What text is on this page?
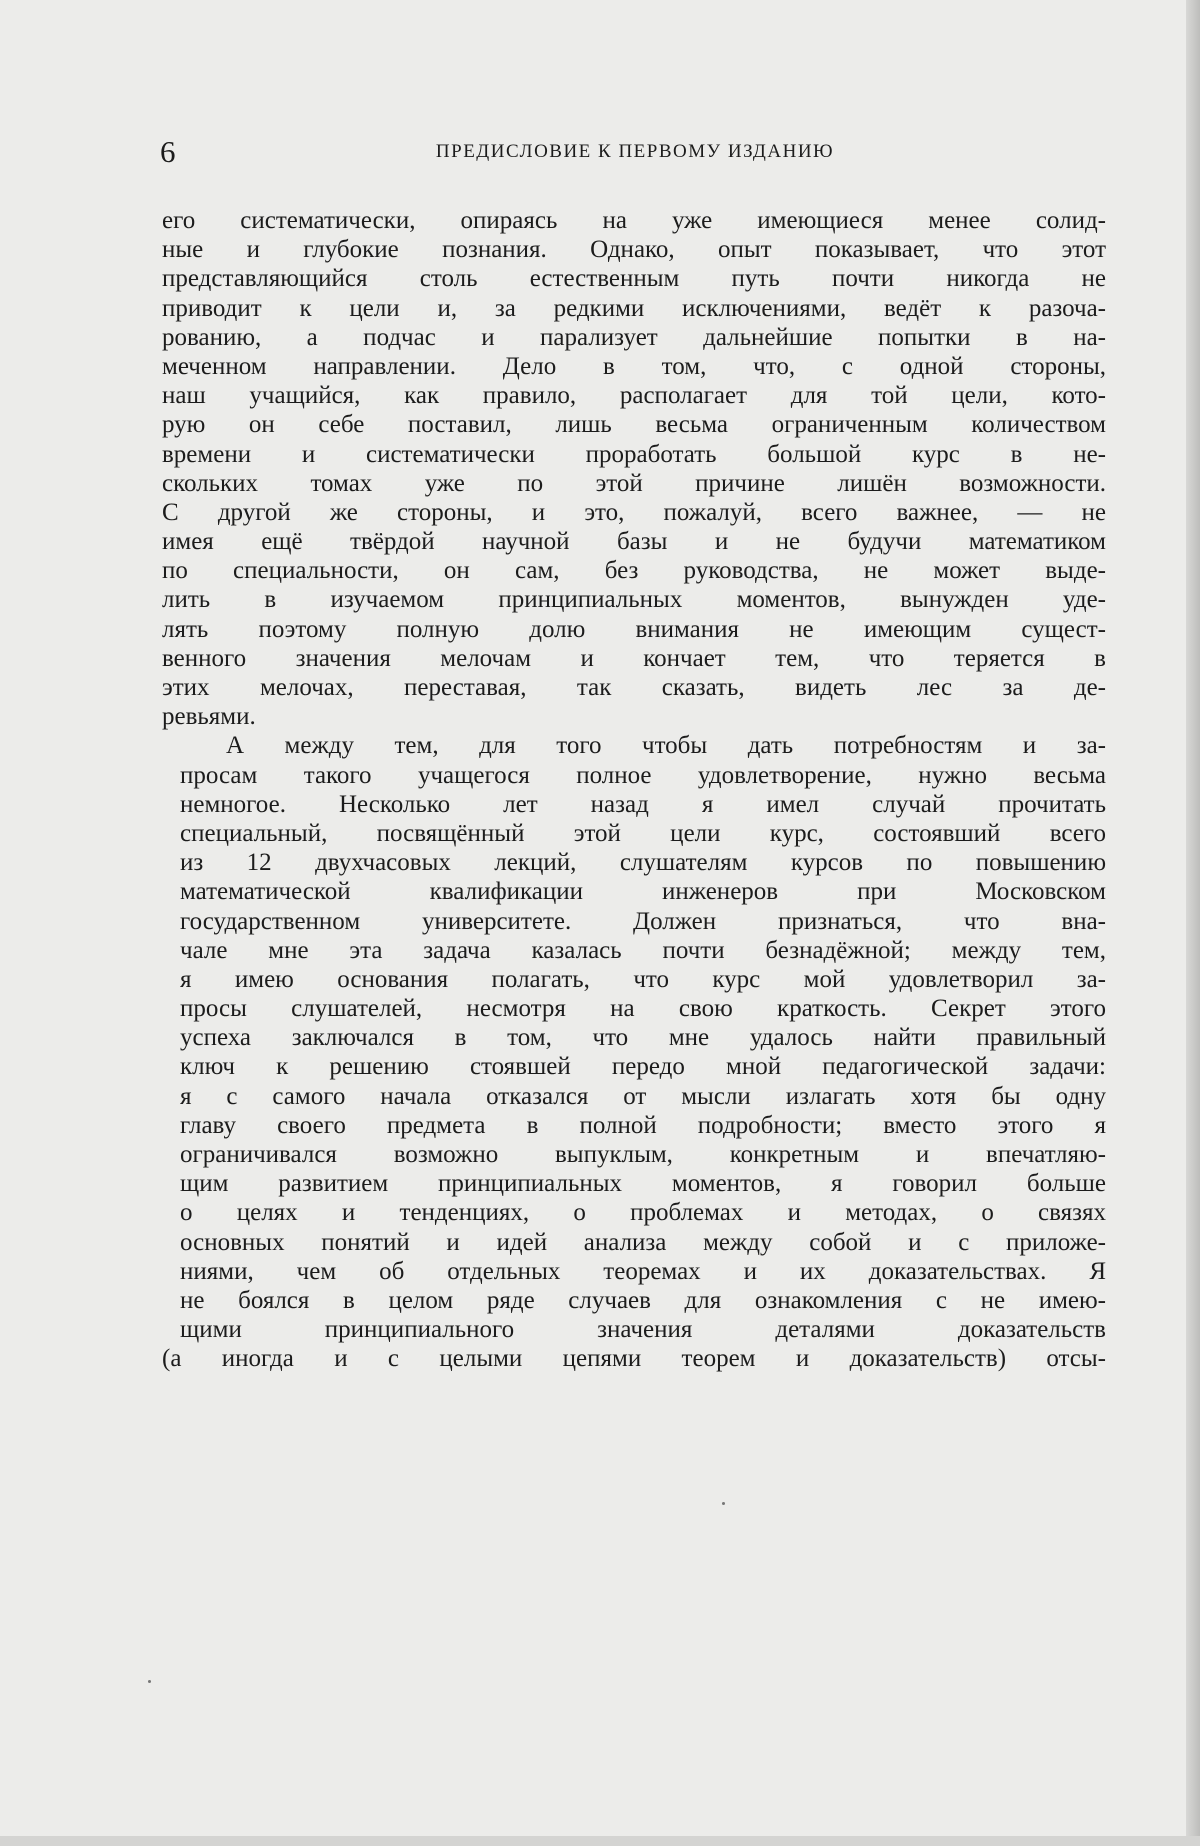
6	ПРЕДИСЛОВИЕ К ПЕРВОМУ ИЗДАНИЮ
его систематически, опираясь на уже имеющиеся менее солид-
ные и глубокие познания. Однако, опыт показывает, что этот
представляющийся столь естественным путь почти никогда не
приводит к цели и, за редкими исключениями, ведёт к разоча-
рованию, а подчас и парализует дальнейшие попытки в на-
меченном направлении. Дело в том, что, с одной стороны,
наш учащийся, как правило, располагает для той цели, кото-
рую он себе поставил, лишь весьма ограниченным количеством
времени и систематически проработать большой курс в не-
скольких томах уже по этой причине лишён возможности.
С другой же стороны, и это, пожалуй, всего важнее, — не
имея ещё твёрдой научной базы и не будучи математиком
по специальности, он сам, без руководства, не может выде-
лить в изучаемом принципиальных моментов, вынужден уде-
лять поэтому полную долю внимания не имеющим сущест-
венного значения мелочам и кончает тем, что теряется в
этих мелочах, переставая, так сказать, видеть лес за де-
ревьями.
А между тем, для того чтобы дать потребностям и за-
просам такого учащегося полное удовлетворение, нужно весьма
немногое. Несколько лет назад я имел случай прочитать
специальный, посвящённый этой цели курс, состоявший всего
из 12 двухчасовых лекций, слушателям курсов по повышению
математической квалификации инженеров при Московском
государственном университете. Должен признаться, что вна-
чале мне эта задача казалась почти безнадёжной; между тем,
я имею основания полагать, что курс мой удовлетворил за-
просы слушателей, несмотря на свою краткость. Секрет этого
успеха заключался в том, что мне удалось найти правильный
ключ к решению стоявшей передо мной педагогической задачи:
я с самого начала отказался от мысли излагать хотя бы одну
главу своего предмета в полной подробности; вместо этого я
ограничивался возможно выпуклым, конкретным и впечатляю-
щим развитием принципиальных моментов, я говорил больше
о целях и тенденциях, о проблемах и методах, о связях
основных понятий и идей анализа между собой и с приложе-
ниями, чем об отдельных теоремах и их доказательствах. Я
не боялся в целом ряде случаев для ознакомления с не имею-
щими принципиального значения деталями доказательств
(а иногда и с целыми цепями теорем и доказательств) отсы-
